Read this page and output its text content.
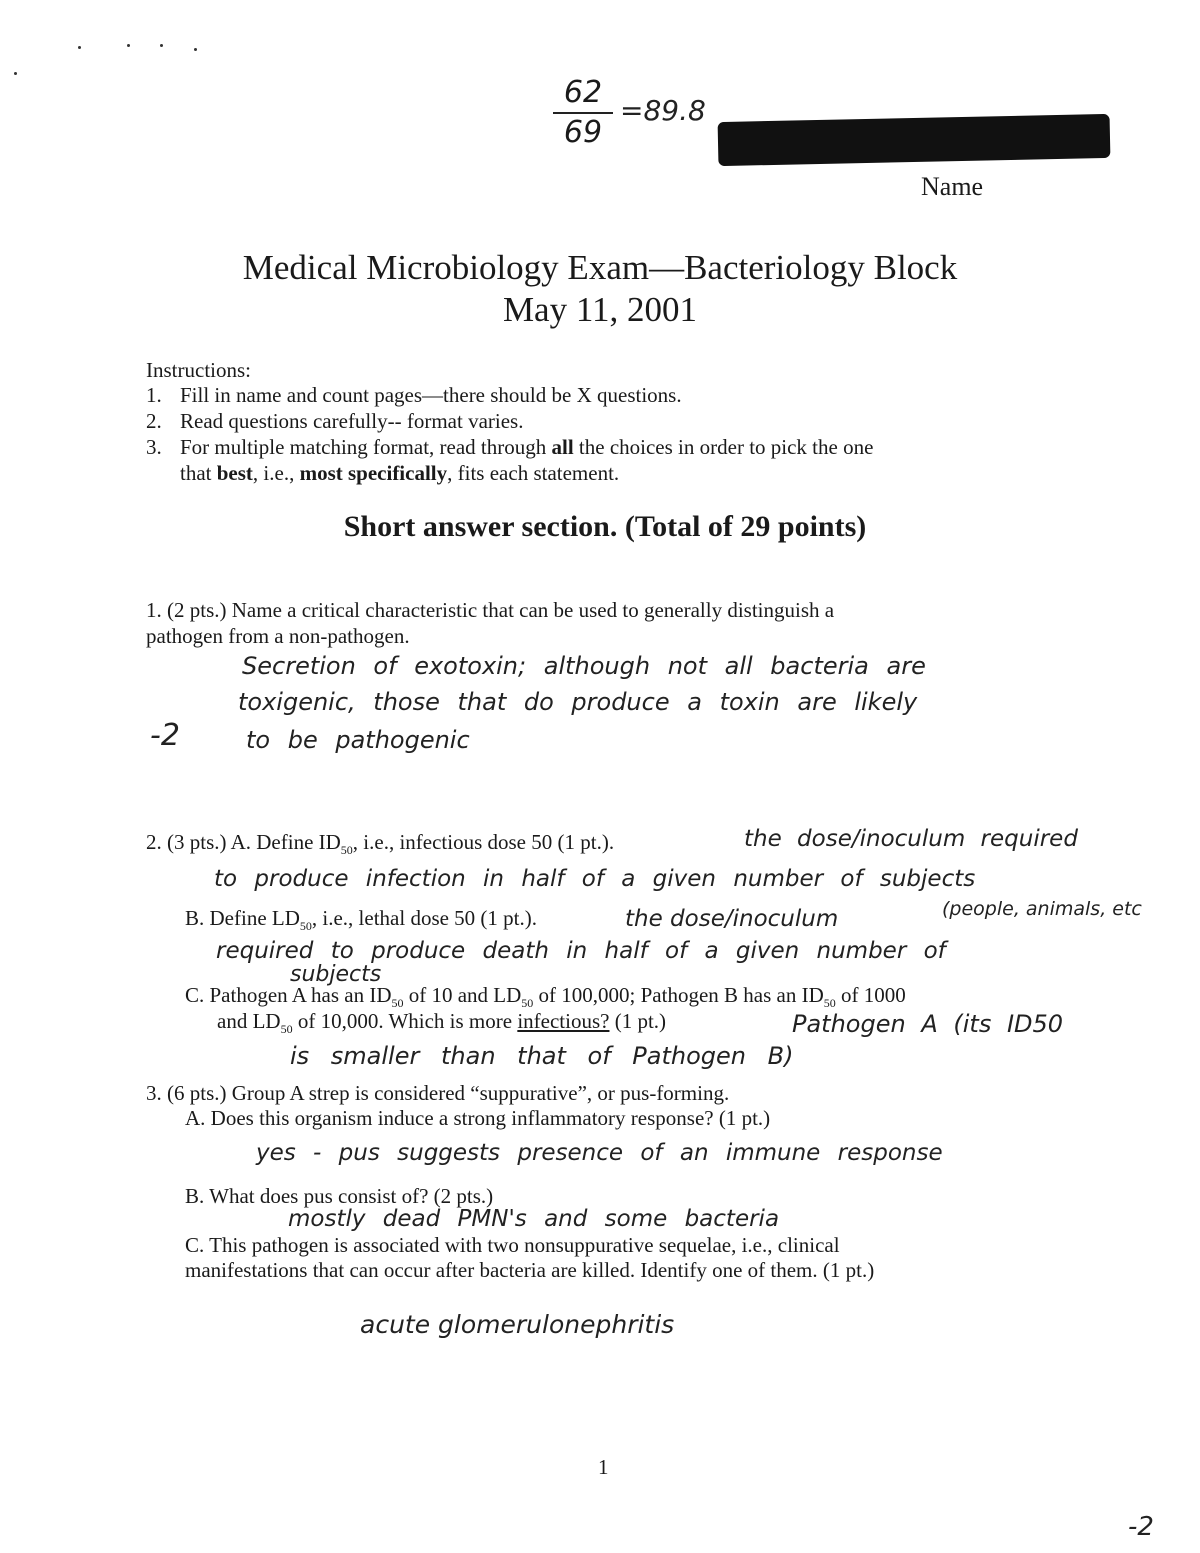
62
69
=89.8
Name
Medical Microbiology Exam—Bacteriology Block
May 11, 2001
Instructions:
1. Fill in name and count pages—there should be X questions.
2. Read questions carefully-- format varies.
3. For multiple matching format, read through all the choices in order to pick the one
that best, i.e., most specifically, fits each statement.
Short answer section. (Total of 29 points)
1. (2 pts.) Name a critical characteristic that can be used to generally distinguish a
pathogen from a non-pathogen.
Secretion of exotoxin; although not all bacteria are
toxigenic, those that do produce a toxin are likely
to be pathogenic
-2
2. (3 pts.) A. Define $ID_{50}$, i.e., infectious dose 50 (1 pt.).	the dose/inoculum required
to produce infection in half of a given number of subjects
B. Define $LD_{50}$, i.e., lethal dose 50 (1 pt.).	the dose/inoculum	(people, animals, etc
required to produce death in half of a given number of
subjects
C. Pathogen A has an $ID_{50}$ of 10 and $LD_{50}$ of 100,000; Pathogen B has an $ID_{50}$ of 1000
and $LD_{50}$ of 10,000. Which is more infectious? (1 pt.)	Pathogen A (its ID50
is smaller than that of Pathogen B)
3. (6 pts.) Group A strep is considered “suppurative”, or pus-forming.
A. Does this organism induce a strong inflammatory response? (1 pt.)
yes - pus suggests presence of an immune response
B. What does pus consist of? (2 pts.)
mostly dead PMN's and some bacteria
C. This pathogen is associated with two nonsuppurative sequelae, i.e., clinical
manifestations that can occur after bacteria are killed. Identify one of them. (1 pt.)
acute glomerulonephritis
1
-2
